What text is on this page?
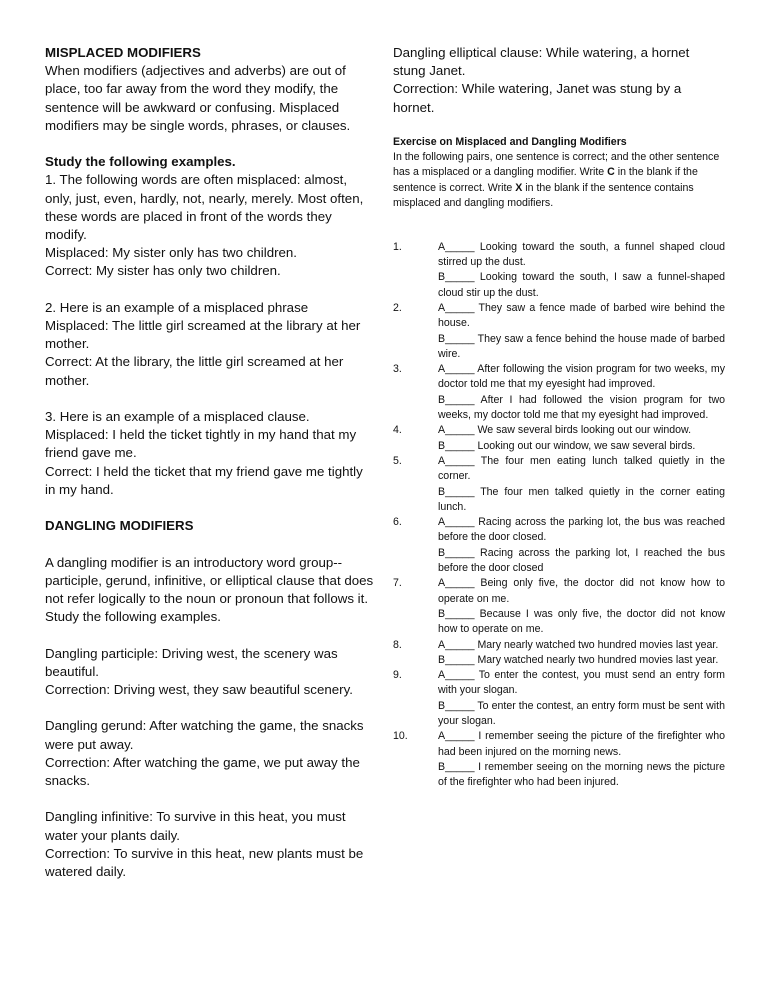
MISPLACED MODIFIERS

When modifiers (adjectives and adverbs) are out of place, too far away from the word they modify, the sentence will be awkward or confusing. Misplaced modifiers may be single words, phrases, or clauses.

Study the following examples.
1. The following words are often misplaced: almost, only, just, even, hardly, not, nearly, merely. Most often, these words are placed in front of the words they modify.
Misplaced: My sister only has two children.

Correct: My sister has only two children.

2. Here is an example of a misplaced phrase
Misplaced: The little girl screamed at the library at her mother.

Correct: At the library, the little girl screamed at her mother.

3. Here is an example of a misplaced clause.
Misplaced: I held the ticket tightly in my hand that my friend gave me.

Correct: I held the ticket that my friend gave me tightly in my hand.

DANGLING MODIFIERS

A dangling modifier is an introductory word group--participle, gerund, infinitive, or elliptical clause that does not refer logically to the noun or pronoun that follows it.

Study the following examples.

Dangling participle: Driving west, the scenery was beautiful.

Correction: Driving west, they saw beautiful scenery.

Dangling gerund: After watching the game, the snacks were put away.

Correction: After watching the game, we put away the snacks.

Dangling infinitive: To survive in this heat, you must water your plants daily.

Correction: To survive in this heat, new plants must be watered daily.

Dangling elliptical clause: While watering, a hornet stung Janet.

Correction: While watering, Janet was stung by a hornet.

Exercise on Misplaced and Dangling Modifiers

In the following pairs, one sentence is correct; and the other sentence has a misplaced or a dangling modifier. Write C in the blank if the sentence is correct. Write X in the blank if the sentence contains misplaced and dangling modifiers.

1.	A_____ Looking toward the south, a funnel shaped cloud stirred up the dust.
B_____ Looking toward the south, I saw a funnel-shaped cloud stir up the dust.
2.	A_____ They saw a fence made of barbed wire behind the house.
B_____ They saw a fence behind the house made of barbed wire.
3.	A_____ After following the vision program for two weeks, my doctor told me that my eyesight had improved.
B_____ After I had followed the vision program for two weeks, my doctor told me that my eyesight had improved.
4.	A_____ We saw several birds looking out our window.
B_____ Looking out our window, we saw several birds.
5.	A_____ The four men eating lunch talked quietly in the corner.
B_____ The four men talked quietly in the corner eating lunch.
6.	A_____ Racing across the parking lot, the bus was reached before the door closed.
B_____ Racing across the parking lot, I reached the bus before the door closed
7.	A_____ Being only five, the doctor did not know how to operate on me.
B_____ Because I was only five, the doctor did not know how to operate on me.
8.	A_____ Mary nearly watched two hundred movies last year.
B_____ Mary watched nearly two hundred movies last year.
9.	A_____ To enter the contest, you must send an entry form with your slogan.
B_____ To enter the contest, an entry form must be sent with your slogan.
10.	A_____ I remember seeing the picture of the firefighter who had been injured on the morning news.
B_____ I remember seeing on the morning news the picture of the firefighter who had been injured.
